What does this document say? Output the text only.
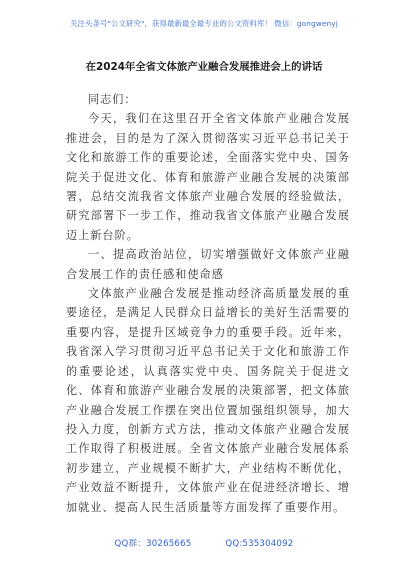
关注头条号"公文研究"，获得最新最全最专业的公文资料库！ 微信：gongwenyj
在2024年全省文体旅产业融合发展推进会上的讲话

同志们：

今天，我们在这里召开全省文体旅产业融合发展推进会，目的是为了深入贯彻落实习近平总书记关于文化和旅游工作的重要论述，全面落实党中央、国务院关于促进文化、体育和旅游产业融合发展的决策部署，总结交流我省文体旅产业融合发展的经验做法，研究部署下一步工作，推动我省文体旅产业融合发展迈上新台阶。

一、提高政治站位，切实增强做好文体旅产业融合发展工作的责任感和使命感

文体旅产业融合发展是推动经济高质量发展的重要途径，是满足人民群众日益增长的美好生活需要的重要内容，是提升区域竞争力的重要手段。近年来，我省深入学习贯彻习近平总书记关于文化和旅游工作的重要论述，认真落实党中央、国务院关于促进文化、体育和旅游产业融合发展的决策部署，把文体旅产业融合发展工作摆在突出位置加强组织领导，加大投入力度，创新方式方法，推动文体旅产业融合发展工作取得了积极进展。全省文体旅产业融合发展体系初步建立，产业规模不断扩大，产业结构不断优化，产业效益不断提升，文体旅产业在促进经济增长、增加就业、提高人民生活质量等方面发挥了重要作用。

QQ群：30265665	QQ:535304092
